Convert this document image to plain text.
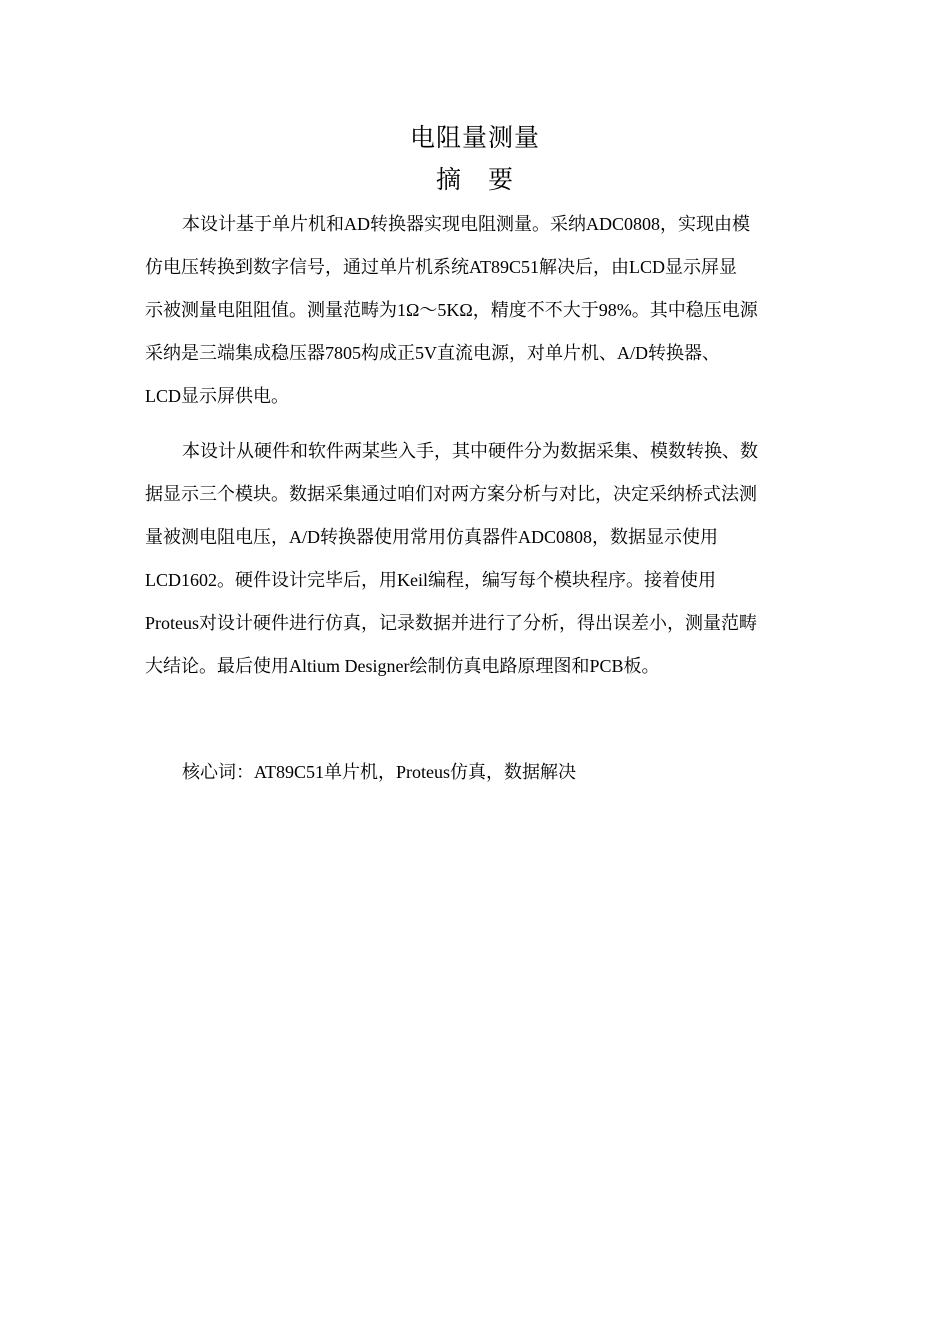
电阻量测量
摘　要
本设计基于单片机和AD转换器实现电阻测量。采纳ADC0808，实现由模
仿电压转换到数字信号，通过单片机系统AT89C51解决后，由LCD显示屏显
示被测量电阻阻值。测量范畴为1Ω～5KΩ，精度不不大于98%。其中稳压电源
采纳是三端集成稳压器7805构成正5V直流电源，对单片机、A/D转换器、
LCD显示屏供电。
本设计从硬件和软件两某些入手，其中硬件分为数据采集、模数转换、数
据显示三个模块。数据采集通过咱们对两方案分析与对比，决定采纳桥式法测
量被测电阻电压，A/D转换器使用常用仿真器件ADC0808，数据显示使用
LCD1602。硬件设计完毕后，用Keil编程，编写每个模块程序。接着使用
Proteus对设计硬件进行仿真，记录数据并进行了分析，得出误差小，测量范畴
大结论。最后使用Altium Designer绘制仿真电路原理图和PCB板。
核心词：AT89C51单片机，Proteus仿真，数据解决
